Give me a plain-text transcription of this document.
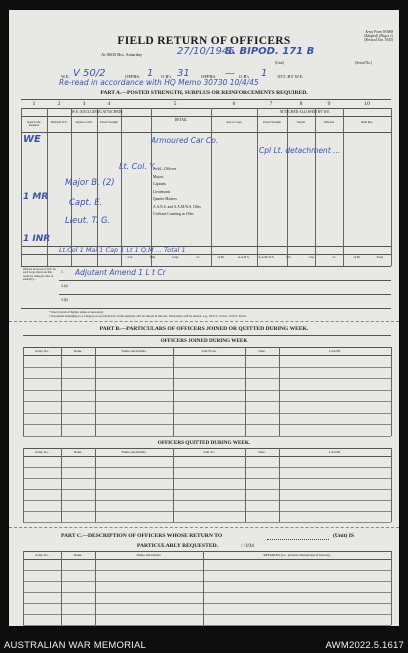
Army Form W3008
(Adapted) (Pages 1)
(Revised Jan. 1943)
FIELD RETURN OF OFFICERS
At 0600 Hrs. Saturday	27/10/1945
S. BIPOD. 171 B
(Unit)	(Serial No.)
W.E. V 50/2	OFFRS. 1 O.R's 31 OFFRS. — O.R's 1 ATT. BY W.E.
Re-read in accordance with HQ Memo 30730 10/4/45
PART A.—POSTED STRENGTH, SURPLUS OR REINFORCEMENTS REQUIRED.
1	2	3	4	5	6	7	8	9	10
W.E. (EXCLUDING ATTACHED)	ATTACHED ALLOWED BY W.E.
DETAIL
Rank To Be Required
Deficient W.E.	Surplus to W.E.	Posted Strength	Arm or Corps	Posted Strength	Surplus	Deficient	Rank Req.
Field—Officers
Majors
Captains
Lieutenants
Quarter Masters
A.A.N.S. and A.A.M.W.S. Offrs
Civilians Counting as Offrs
WE
1 MR
1 INR
Armoured Car Co.
Cpl Lt. detachment ...
Lt. Col. Y.
Major B. (2)
Capt. E.
Lieut. T. G.
Col.	Maj.	Capt.	Lt.	Q.M.	A.A.N.S.	A.A.M.W.S.	Civ.	Cap.	Lt.	Q.M.	Total
Lt.Col 1 Mai 1 Cap 1 Lt 1 Q.M ... Total 1
Officers in excess of W.E. for each Corps shown on this return by ranks (in order of seniority) ...
1.
2.(a)
3.(b)
Adjutant Amend 1 L t Cr
* Insert detail of higher ranks as necessary.
† Personnel belonging to a category not provided for in the analysis will be shown in this list. Particulars will be shown, e.g., 20 E.C. Fever, 15 N.S. Fever.
PART B.—PARTICULARS OF OFFICERS JOINED OR QUITTED DURING WEEK.
OFFICERS JOINED DURING WEEK
Army No.	Rank.	Name and Initials.	Unit From.	Date.	CAUSE.
OFFICERS QUITTED DURING WEEK.
Army No.	Rank.	Name and Initials.	Unit To.	Date.	CAUSE.
PART C.—DESCRIPTION OF OFFICERS WHOSE RETURN TO	(Unit) IS
PARTICULARLY REQUESTED.	/ /194
Army No.	Rank.	Name and Initials.	REMARKS (i.e., present whereabouts if known).
AUSTRALIAN WAR MEMORIAL	AWM2022.5.1617
